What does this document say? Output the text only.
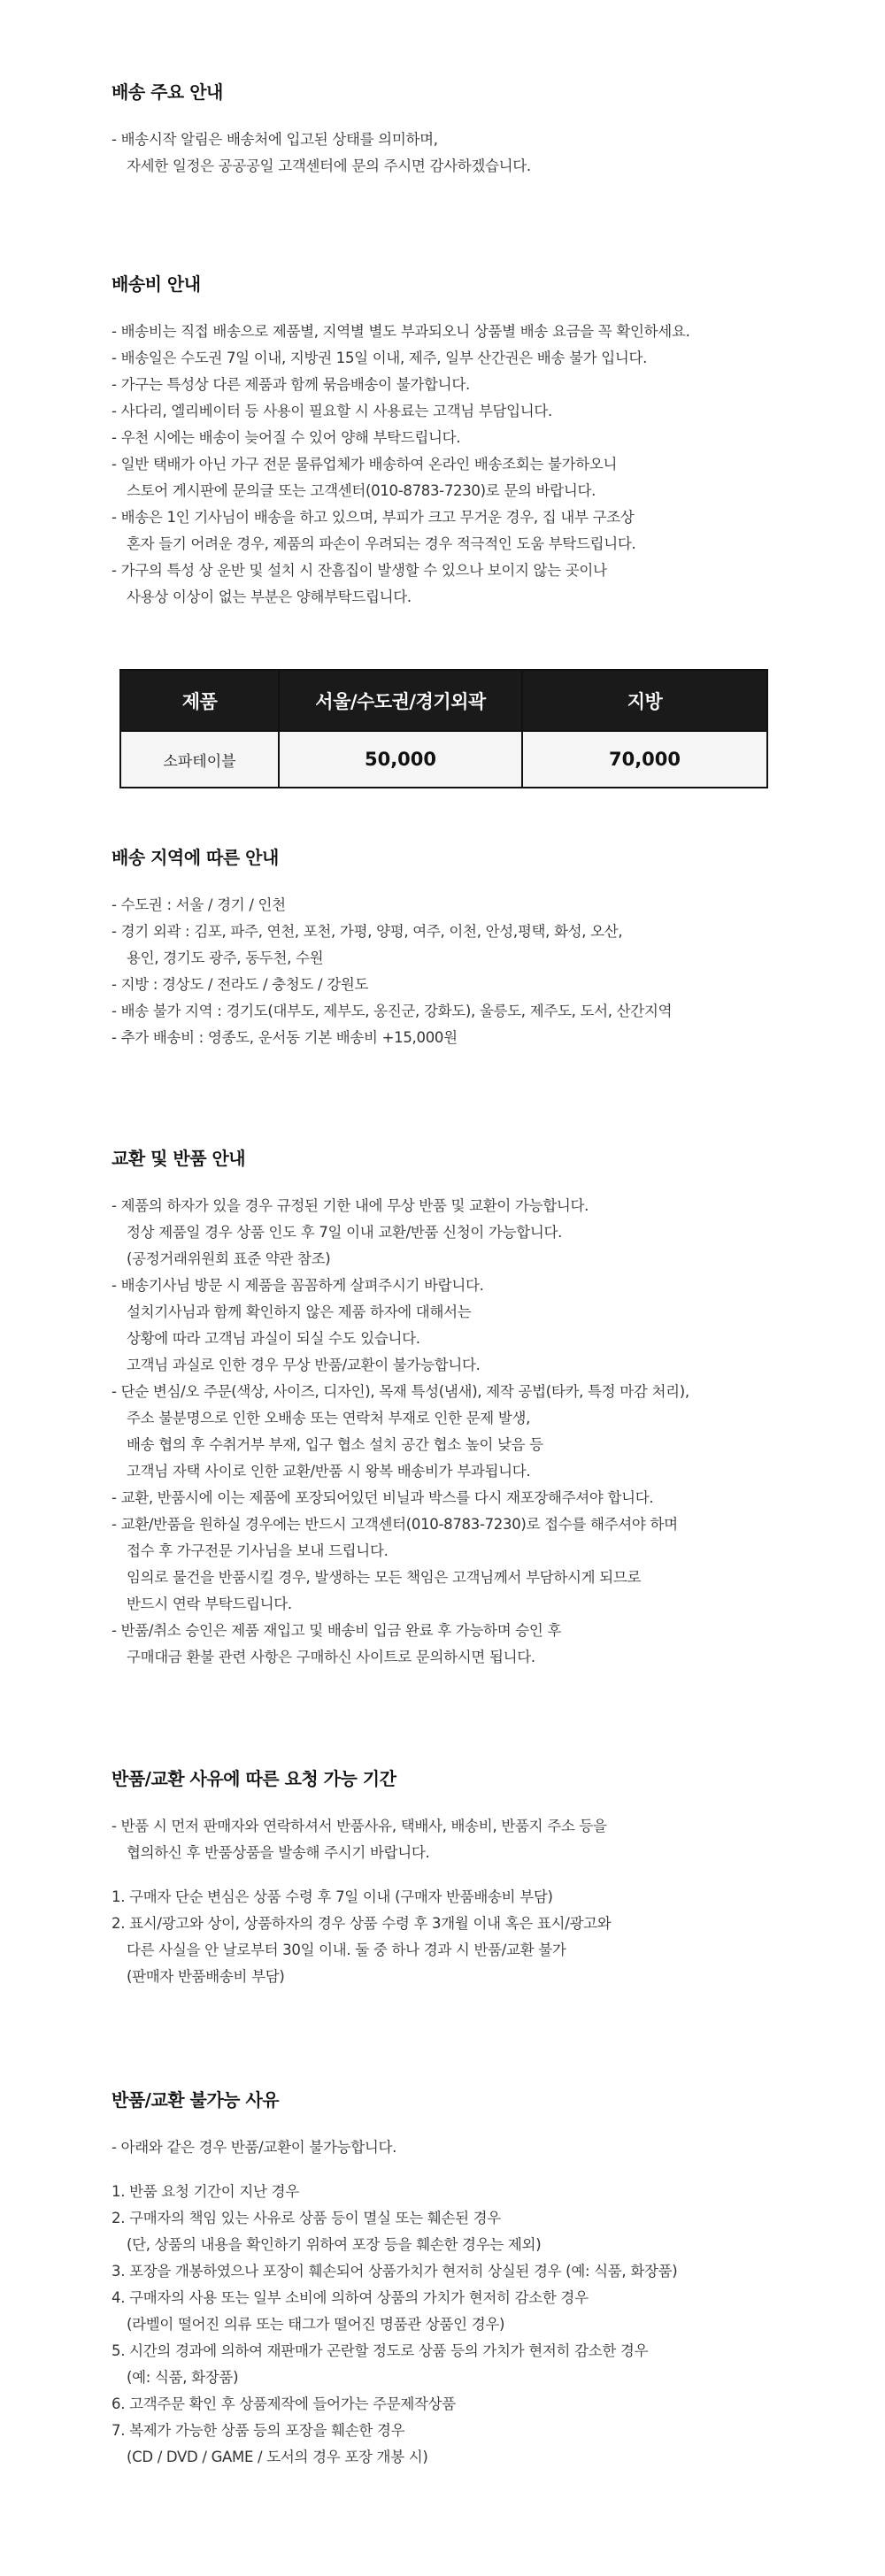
배송 주요 안내
- 배송시작 알림은 배송처에 입고된 상태를 의미하며,
자세한 일정은 공공공일 고객센터에 문의 주시면 감사하겠습니다.
배송비 안내
- 배송비는 직접 배송으로 제품별, 지역별 별도 부과되오니 상품별 배송 요금을 꼭 확인하세요.
- 배송일은 수도권 7일 이내, 지방권 15일 이내, 제주, 일부 산간권은 배송 불가 입니다.
- 가구는 특성상 다른 제품과 함께 묶음배송이 불가합니다.
- 사다리, 엘리베이터 등 사용이 필요할 시 사용료는 고객님 부담입니다.
- 우천 시에는 배송이 늦어질 수 있어 양해 부탁드립니다.
- 일반 택배가 아닌 가구 전문 물류업체가 배송하여 온라인 배송조회는 불가하오니
스토어 게시판에 문의글 또는 고객센터(010-8783-7230)로 문의 바랍니다.
- 배송은 1인 기사님이 배송을 하고 있으며, 부피가 크고 무거운 경우, 집 내부 구조상
혼자 들기 어려운 경우, 제품의 파손이 우려되는 경우 적극적인 도움 부탁드립니다.
- 가구의 특성 상 운반 및 설치 시 잔흠집이 발생할 수 있으나 보이지 않는 곳이나
사용상 이상이 없는 부분은 양해부탁드립니다.
제품	서울/수도권/경기외곽	지방
소파테이블	50,000	70,000
배송 지역에 따른 안내
- 수도권 : 서울 / 경기 / 인천
- 경기 외곽 : 김포, 파주, 연천, 포천, 가평, 양평, 여주, 이천, 안성,평택, 화성, 오산,
용인, 경기도 광주, 동두천, 수원
- 지방 : 경상도 / 전라도 / 충청도 / 강원도
- 배송 불가 지역 : 경기도(대부도, 제부도, 옹진군, 강화도), 울릉도, 제주도, 도서, 산간지역
- 추가 배송비 : 영종도, 운서동 기본 배송비 +15,000원
교환 및 반품 안내
- 제품의 하자가 있을 경우 규정된 기한 내에 무상 반품 및 교환이 가능합니다.
정상 제품일 경우 상품 인도 후 7일 이내 교환/반품 신청이 가능합니다.
(공정거래위원회 표준 약관 참조)
- 배송기사님 방문 시 제품을 꼼꼼하게 살펴주시기 바랍니다.
설치기사님과 함께 확인하지 않은 제품 하자에 대해서는
상황에 따라 고객님 과실이 되실 수도 있습니다.
고객님 과실로 인한 경우 무상 반품/교환이 불가능합니다.
- 단순 변심/오 주문(색상, 사이즈, 디자인), 목재 특성(냄새), 제작 공법(타카, 특정 마감 처리),
주소 불분명으로 인한 오배송 또는 연락처 부재로 인한 문제 발생,
배송 협의 후 수취거부 부재, 입구 협소 설치 공간 협소 높이 낮음 등
고객님 자택 사이로 인한 교환/반품 시 왕복 배송비가 부과됩니다.
- 교환, 반품시에 이는 제품에 포장되어있던 비닐과 박스를 다시 재포장해주셔야 합니다.
- 교환/반품을 원하실 경우에는 반드시 고객센터(010-8783-7230)로 접수를 해주셔야 하며
접수 후 가구전문 기사님을 보내 드립니다.
임의로 물건을 반품시킬 경우, 발생하는 모든 책임은 고객님께서 부담하시게 되므로
반드시 연락 부탁드립니다.
- 반품/취소 승인은 제품 재입고 및 배송비 입금 완료 후 가능하며 승인 후
구매대금 환불 관련 사항은 구매하신 사이트로 문의하시면 됩니다.
반품/교환 사유에 따른 요청 가능 기간
- 반품 시 먼저 판매자와 연락하셔서 반품사유, 택배사, 배송비, 반품지 주소 등을
협의하신 후 반품상품을 발송해 주시기 바랍니다.
1. 구매자 단순 변심은 상품 수령 후 7일 이내 (구매자 반품배송비 부담)
2. 표시/광고와 상이, 상품하자의 경우 상품 수령 후 3개월 이내 혹은 표시/광고와
다른 사실을 안 날로부터 30일 이내. 둘 중 하나 경과 시 반품/교환 불가
(판매자 반품배송비 부담)
반품/교환 불가능 사유
- 아래와 같은 경우 반품/교환이 불가능합니다.
1. 반품 요청 기간이 지난 경우
2. 구매자의 책임 있는 사유로 상품 등이 멸실 또는 훼손된 경우
(단, 상품의 내용을 확인하기 위하여 포장 등을 훼손한 경우는 제외)
3. 포장을 개봉하였으나 포장이 훼손되어 상품가치가 현저히 상실된 경우 (예: 식품, 화장품)
4. 구매자의 사용 또는 일부 소비에 의하여 상품의 가치가 현저히 감소한 경우
(라벨이 떨어진 의류 또는 태그가 떨어진 명품관 상품인 경우)
5. 시간의 경과에 의하여 재판매가 곤란할 정도로 상품 등의 가치가 현저히 감소한 경우
(예: 식품, 화장품)
6. 고객주문 확인 후 상품제작에 들어가는 주문제작상품
7. 복제가 가능한 상품 등의 포장을 훼손한 경우
(CD / DVD / GAME / 도서의 경우 포장 개봉 시)
